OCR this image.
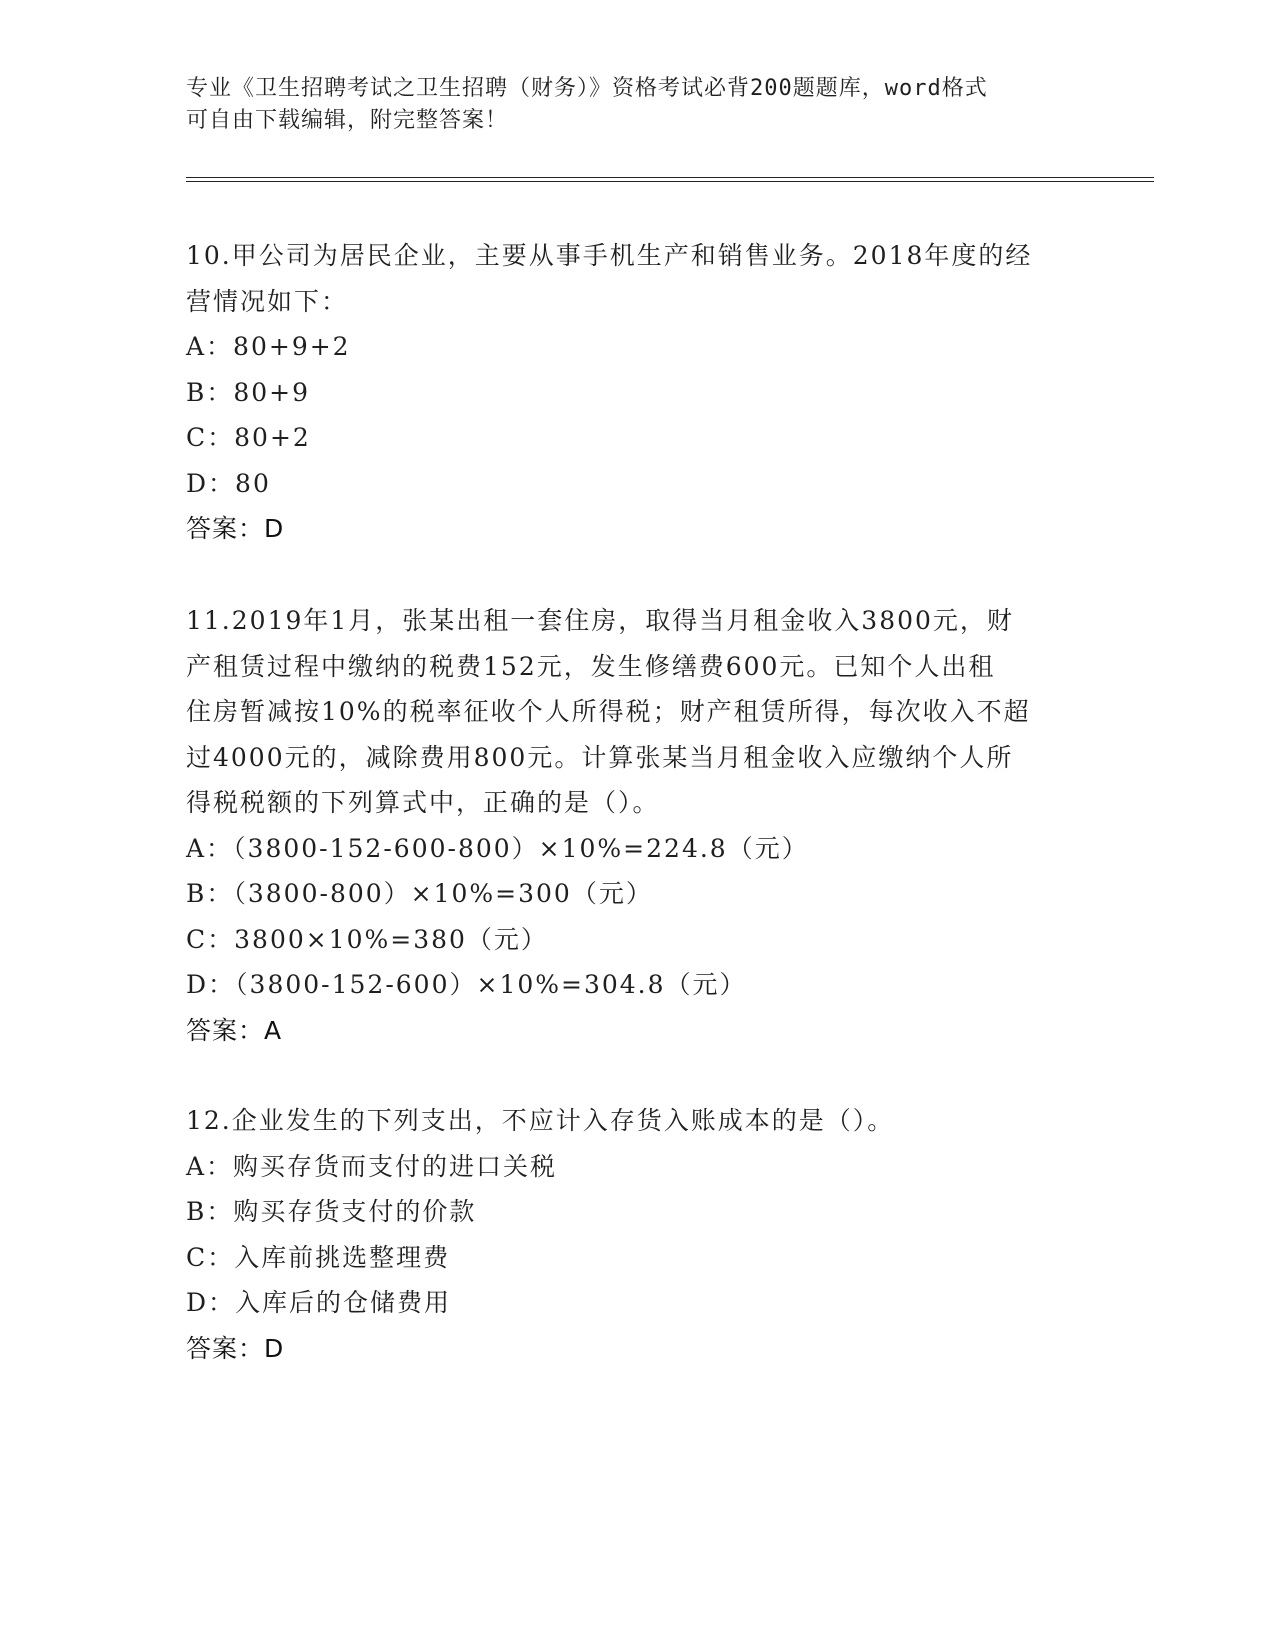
专业《卫生招聘考试之卫生招聘（财务）》资格考试必背200题题库，word格式
可自由下载编辑，附完整答案！
10.甲公司为居民企业，主要从事手机生产和销售业务。2018年度的经
营情况如下：
A：80+9+2
B：80+9
C：80+2
D：80
答案：D
11.2019年1月，张某出租一套住房，取得当月租金收入3800元，财
产租赁过程中缴纳的税费152元，发生修缮费600元。已知个人出租
住房暂减按10%的税率征收个人所得税；财产租赁所得，每次收入不超
过4000元的，减除费用800元。计算张某当月租金收入应缴纳个人所
得税税额的下列算式中，正确的是（）。
A：（3800-152-600-800）×10%=224.8（元）
B：（3800-800）×10%=300（元）
C：3800×10%=380（元）
D：（3800-152-600）×10%=304.8（元）
答案：A
12.企业发生的下列支出，不应计入存货入账成本的是（）。
A：购买存货而支付的进口关税
B：购买存货支付的价款
C：入库前挑选整理费
D：入库后的仓储费用
答案：D
